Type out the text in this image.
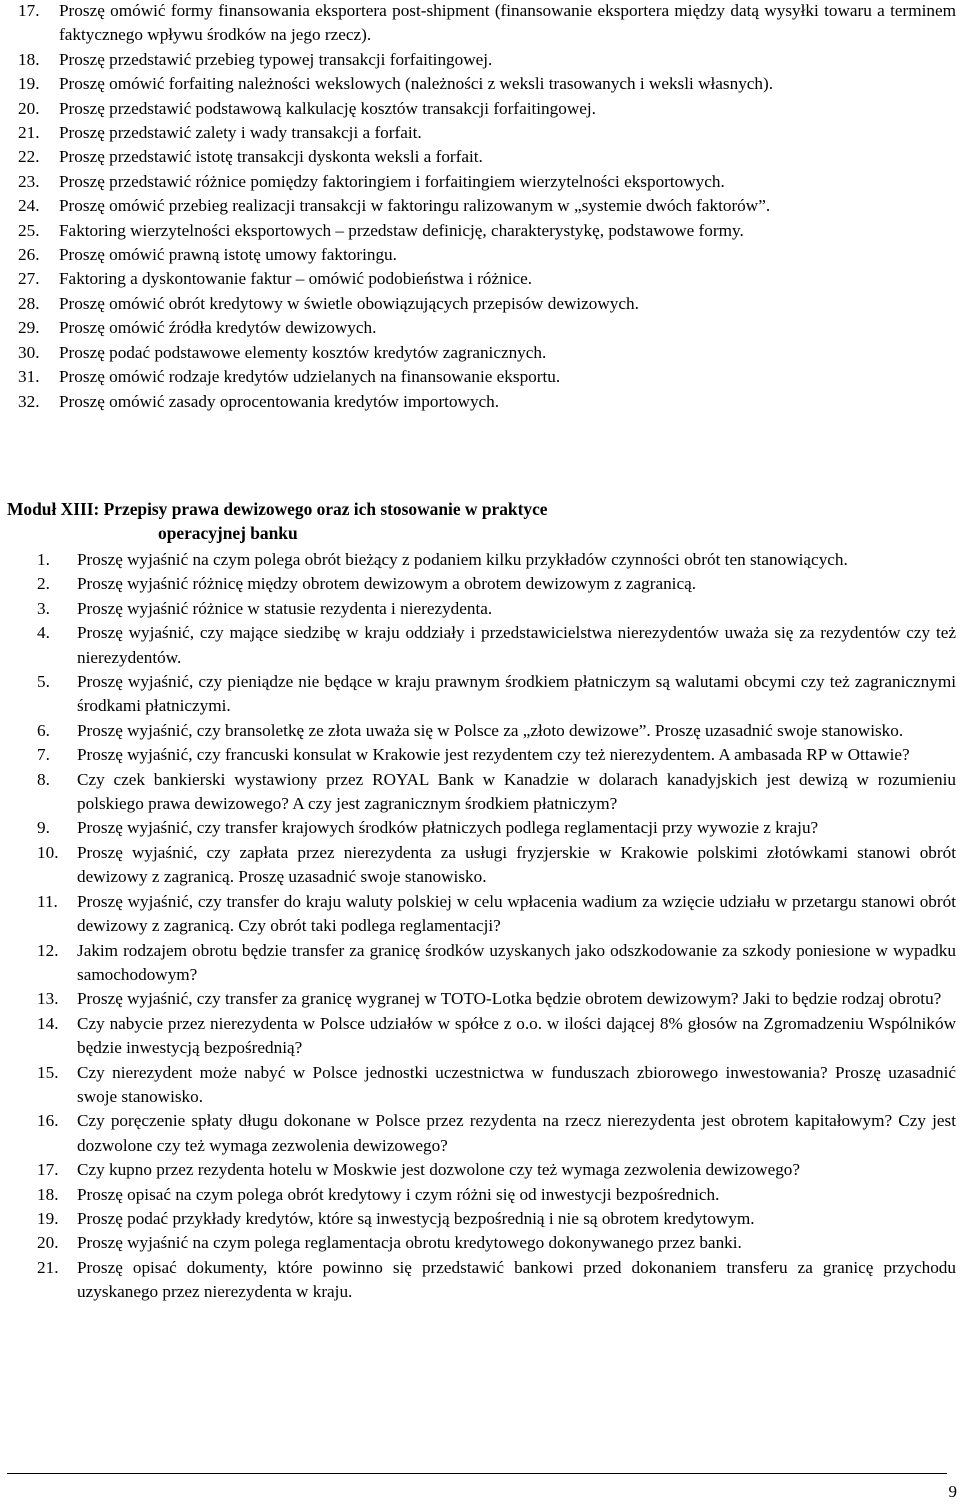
17. Proszę omówić formy finansowania eksportera post-shipment (finansowanie eksportera między datą wysyłki towaru a terminem faktycznego wpływu środków na jego rzecz).
18. Proszę przedstawić przebieg typowej transakcji forfaitingowej.
19. Proszę omówić forfaiting należności wekslowych (należności z weksli trasowanych i weksli własnych).
20. Proszę przedstawić podstawową kalkulację kosztów transakcji forfaitingowej.
21. Proszę przedstawić zalety i wady transakcji a forfait.
22. Proszę przedstawić istotę transakcji dyskonta weksli a forfait.
23. Proszę przedstawić różnice pomiędzy faktoringiem i forfaitingiem wierzytelności eksportowych.
24. Proszę omówić przebieg realizacji transakcji w faktoringu ralizowanym w „systemie dwóch faktorów”.
25. Faktoring wierzytelności eksportowych – przedstaw definicję, charakterystykę, podstawowe formy.
26. Proszę omówić prawną istotę umowy faktoringu.
27. Faktoring a dyskontowanie faktur – omówić podobieństwa i różnice.
28. Proszę omówić obrót kredytowy w świetle obowiązujących przepisów dewizowych.
29. Proszę omówić źródła kredytów dewizowych.
30. Proszę podać podstawowe elementy kosztów kredytów zagranicznych.
31. Proszę omówić rodzaje kredytów udzielanych na finansowanie eksportu.
32. Proszę omówić zasady oprocentowania kredytów importowych.
Moduł XIII: Przepisy prawa dewizowego oraz ich stosowanie w praktyce
operacyjnej banku
1. Proszę wyjaśnić na czym polega obrót bieżący z podaniem kilku przykładów czynności obrót ten stanowiących.
2. Proszę wyjaśnić różnicę między obrotem dewizowym a obrotem dewizowym z zagranicą.
3. Proszę wyjaśnić różnice w statusie rezydenta i nierezydenta.
4. Proszę wyjaśnić, czy mające siedzibę w kraju oddziały i przedstawicielstwa nierezydentów uważa się za rezydentów czy też nierezydentów.
5. Proszę wyjaśnić, czy pieniądze nie będące w kraju prawnym środkiem płatniczym są walutami obcymi czy też zagranicznymi środkami płatniczymi.
6. Proszę wyjaśnić, czy bransoletkę ze złota uważa się w Polsce za „złoto dewizowe”. Proszę uzasadnić swoje stanowisko.
7. Proszę wyjaśnić, czy francuski konsulat w Krakowie jest rezydentem czy też nierezydentem. A ambasada RP w Ottawie?
8. Czy czek bankierski wystawiony przez ROYAL Bank w Kanadzie w dolarach kanadyjskich jest dewizą w rozumieniu polskiego prawa dewizowego? A czy jest zagranicznym środkiem płatniczym?
9. Proszę wyjaśnić, czy transfer krajowych środków płatniczych podlega reglamentacji przy wywozie z kraju?
10. Proszę wyjaśnić, czy zapłata przez nierezydenta za usługi fryzjerskie w Krakowie polskimi złotówkami stanowi obrót dewizowy z zagranicą. Proszę uzasadnić swoje stanowisko.
11. Proszę wyjaśnić, czy transfer do kraju waluty polskiej w celu wpłacenia wadium za wzięcie udziału w przetargu stanowi obrót dewizowy z zagranicą. Czy obrót taki podlega reglamentacji?
12. Jakim rodzajem obrotu będzie transfer za granicę środków uzyskanych jako odszkodowanie za szkody poniesione w wypadku samochodowym?
13. Proszę wyjaśnić, czy transfer za granicę wygranej w TOTO-Lotka będzie obrotem dewizowym? Jaki to będzie rodzaj obrotu?
14. Czy nabycie przez nierezydenta w Polsce udziałów w spółce z o.o. w ilości dającej 8% głosów na Zgromadzeniu Wspólników będzie inwestycją bezpośrednią?
15. Czy nierezydent może nabyć w Polsce jednostki uczestnictwa w funduszach zbiorowego inwestowania? Proszę uzasadnić swoje stanowisko.
16. Czy poręczenie spłaty długu dokonane w Polsce przez rezydenta na rzecz nierezydenta jest obrotem kapitałowym? Czy jest dozwolone czy też wymaga zezwolenia dewizowego?
17. Czy kupno przez rezydenta hotelu w Moskwie jest dozwolone czy też wymaga zezwolenia dewizowego?
18. Proszę opisać na czym polega obrót kredytowy i czym różni się od inwestycji bezpośrednich.
19. Proszę podać przykłady kredytów, które są inwestycją bezpośrednią i nie są obrotem kredytowym.
20. Proszę wyjaśnić na czym polega reglamentacja obrotu kredytowego dokonywanego przez banki.
21. Proszę opisać dokumenty, które powinno się przedstawić bankowi przed dokonaniem transferu za granicę przychodu uzyskanego przez nierezydenta w kraju.
9
